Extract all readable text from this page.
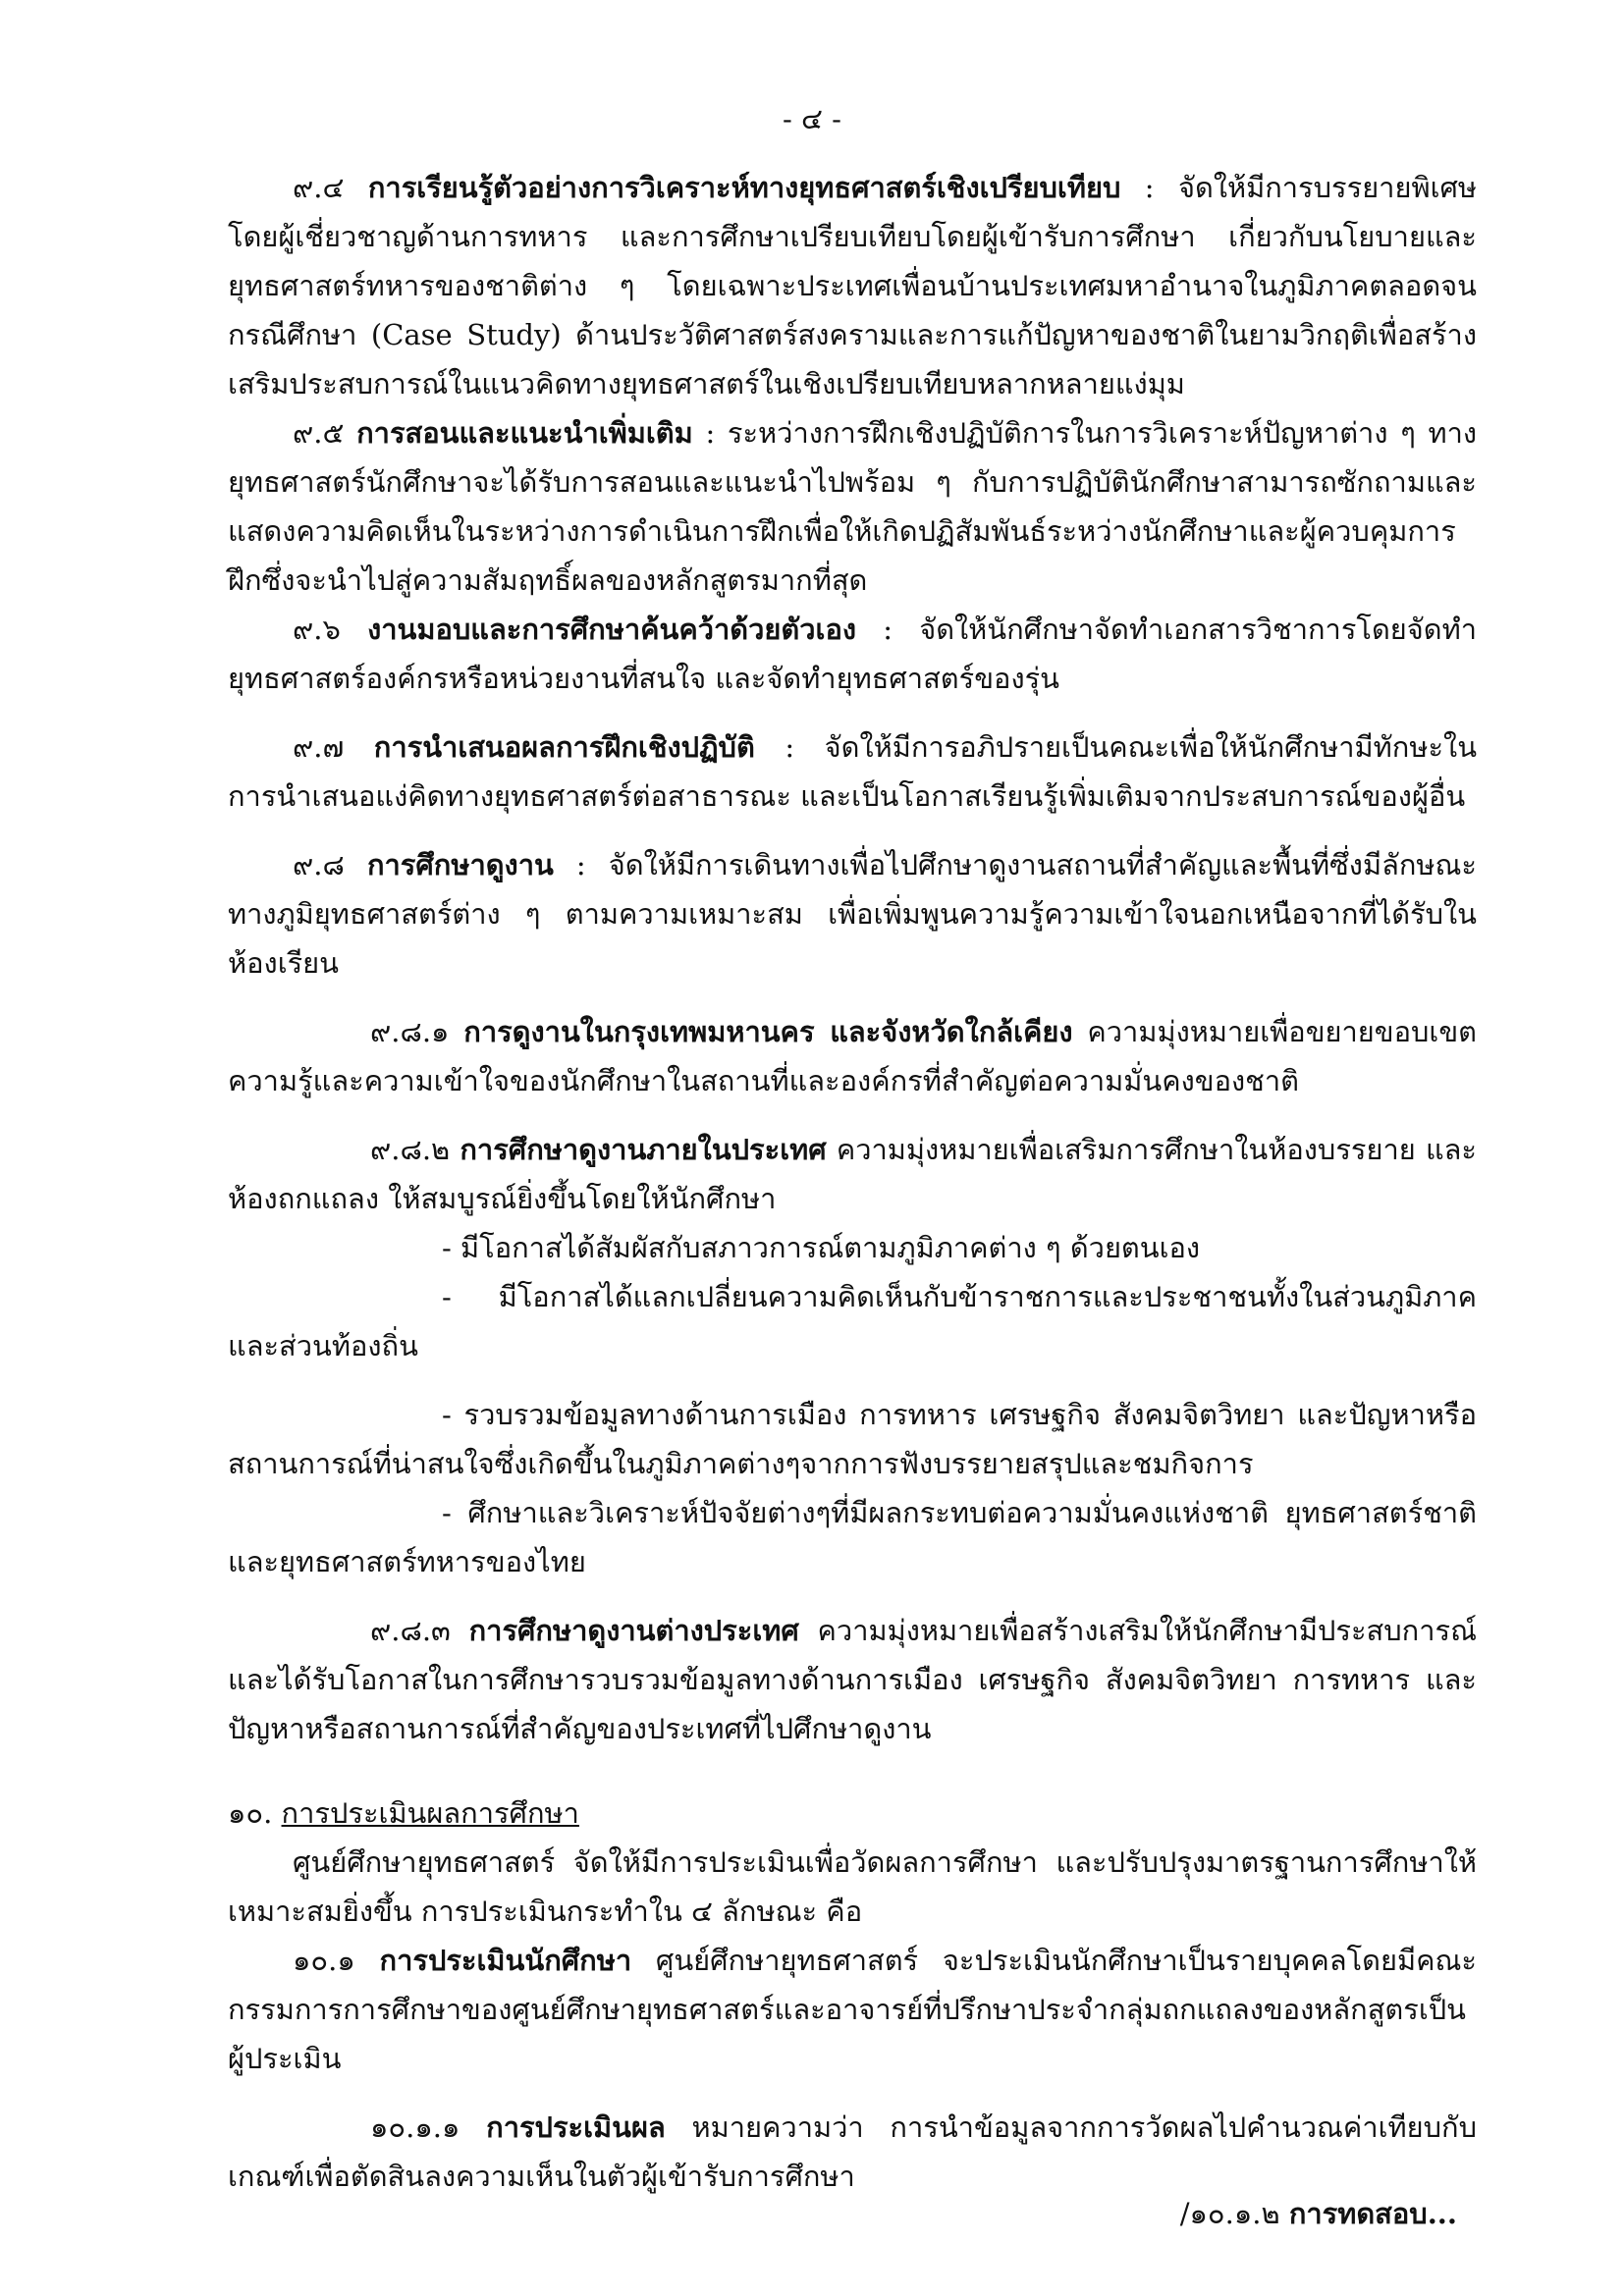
- ๔ -

๙.๔ การเรียนรู้ตัวอย่างการวิเคราะห์ทางยุทธศาสตร์เชิงเปรียบเทียบ : จัดให้มีการบรรยายพิเศษโดยผู้เชี่ยวชาญด้านการทหาร และการศึกษาเปรียบเทียบโดยผู้เข้ารับการศึกษา เกี่ยวกับนโยบายและยุทธศาสตร์ทหารของชาติต่าง ๆ โดยเฉพาะประเทศเพื่อนบ้านประเทศมหาอำนาจในภูมิภาคตลอดจนกรณีศึกษา (Case Study) ด้านประวัติศาสตร์สงครามและการแก้ปัญหาของชาติในยามวิกฤติเพื่อสร้างเสริมประสบการณ์ในแนวคิดทางยุทธศาสตร์ในเชิงเปรียบเทียบหลากหลายแง่มุม

๙.๕ การสอนและแนะนำเพิ่มเติม : ระหว่างการฝึกเชิงปฏิบัติการในการวิเคราะห์ปัญหาต่าง ๆ ทางยุทธศาสตร์นักศึกษาจะได้รับการสอนและแนะนำไปพร้อม ๆ กับการปฏิบัตินักศึกษาสามารถซักถามและแสดงความคิดเห็นในระหว่างการดำเนินการฝึกเพื่อให้เกิดปฏิสัมพันธ์ระหว่างนักศึกษาและผู้ควบคุมการฝึกซึ่งจะนำไปสู่ความสัมฤทธิ์ผลของหลักสูตรมากที่สุด

๙.๖ งานมอบและการศึกษาค้นคว้าด้วยตัวเอง : จัดให้นักศึกษาจัดทำเอกสารวิชาการโดยจัดทำยุทธศาสตร์องค์กรหรือหน่วยงานที่สนใจ และจัดทำยุทธศาสตร์ของรุ่น

๙.๗ การนำเสนอผลการฝึกเชิงปฏิบัติ : จัดให้มีการอภิปรายเป็นคณะเพื่อให้นักศึกษามีทักษะในการนำเสนอแง่คิดทางยุทธศาสตร์ต่อสาธารณะ และเป็นโอกาสเรียนรู้เพิ่มเติมจากประสบการณ์ของผู้อื่น

๙.๘ การศึกษาดูงาน : จัดให้มีการเดินทางเพื่อไปศึกษาดูงานสถานที่สำคัญและพื้นที่ซึ่งมีลักษณะทางภูมิยุทธศาสตร์ต่าง ๆ ตามความเหมาะสม เพื่อเพิ่มพูนความรู้ความเข้าใจนอกเหนือจากที่ได้รับในห้องเรียน

๙.๘.๑ การดูงานในกรุงเทพมหานคร และจังหวัดใกล้เคียง ความมุ่งหมายเพื่อขยายขอบเขตความรู้และความเข้าใจของนักศึกษาในสถานที่และองค์กรที่สำคัญต่อความมั่นคงของชาติ

๙.๘.๒ การศึกษาดูงานภายในประเทศ ความมุ่งหมายเพื่อเสริมการศึกษาในห้องบรรยาย และห้องถกแถลง ให้สมบูรณ์ยิ่งขึ้นโดยให้นักศึกษา

- มีโอกาสได้สัมผัสกับสภาวการณ์ตามภูมิภาคต่าง ๆ ด้วยตนเอง

- มีโอกาสได้แลกเปลี่ยนความคิดเห็นกับข้าราชการและประชาชนทั้งในส่วนภูมิภาคและส่วนท้องถิ่น

- รวบรวมข้อมูลทางด้านการเมือง การทหาร เศรษฐกิจ สังคมจิตวิทยา และปัญหาหรือสถานการณ์ที่น่าสนใจซึ่งเกิดขึ้นในภูมิภาคต่างๆจากการฟังบรรยายสรุปและชมกิจการ

- ศึกษาและวิเคราะห์ปัจจัยต่างๆที่มีผลกระทบต่อความมั่นคงแห่งชาติ ยุทธศาสตร์ชาติและยุทธศาสตร์ทหารของไทย

๙.๘.๓ การศึกษาดูงานต่างประเทศ ความมุ่งหมายเพื่อสร้างเสริมให้นักศึกษามีประสบการณ์และได้รับโอกาสในการศึกษารวบรวมข้อมูลทางด้านการเมือง เศรษฐกิจ สังคมจิตวิทยา การทหาร และปัญหาหรือสถานการณ์ที่สำคัญของประเทศที่ไปศึกษาดูงาน

๑๐. การประเมินผลการศึกษา

ศูนย์ศึกษายุทธศาสตร์ จัดให้มีการประเมินเพื่อวัดผลการศึกษา และปรับปรุงมาตรฐานการศึกษาให้เหมาะสมยิ่งขึ้น การประเมินกระทำใน ๔ ลักษณะ คือ

๑๐.๑ การประเมินนักศึกษา ศูนย์ศึกษายุทธศาสตร์ จะประเมินนักศึกษาเป็นรายบุคคลโดยมีคณะกรรมการการศึกษาของศูนย์ศึกษายุทธศาสตร์และอาจารย์ที่ปรึกษาประจำกลุ่มถกแถลงของหลักสูตรเป็นผู้ประเมิน

๑๐.๑.๑ การประเมินผล หมายความว่า การนำข้อมูลจากการวัดผลไปคำนวณค่าเทียบกับเกณฑ์เพื่อตัดสินลงความเห็นในตัวผู้เข้ารับการศึกษา

/๑๐.๑.๒ การทดสอบ...
